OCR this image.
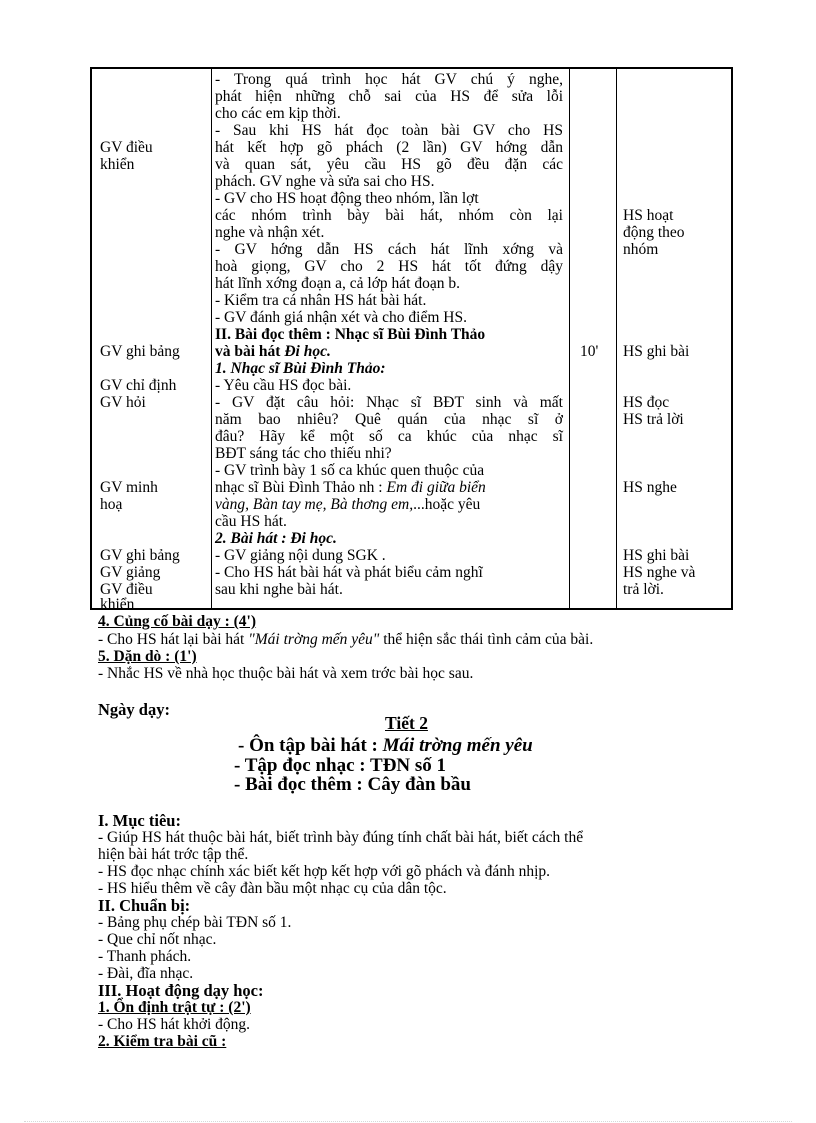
GV điều
khiển
GV ghi bảng
GV chỉ định
GV hỏi
GV minh
hoạ
GV ghi bảng
GV giảng
GV điều
khiển
- Trong quá trình học hát GV chú ý nghe,
phát hiện những chỗ sai của HS để sửa lỗi
cho các em kịp thời.
- Sau khi HS hát đọc toàn bài GV cho HS
hát kết hợp gõ phách (2 lần) GV hớng dẫn
và quan sát, yêu cầu HS gõ đều đặn các
phách. GV nghe và sửa sai cho HS.
- GV cho HS hoạt động theo nhóm, lần lợt
các nhóm trình bày bài hát, nhóm còn lại
nghe và nhận xét.
- GV hớng dẫn HS cách hát lĩnh xớng và
hoà giọng, GV cho 2 HS hát tốt đứng dậy
hát lĩnh xớng đoạn a, cả lớp hát đoạn b.
- Kiểm tra cá nhân HS hát bài hát.
- GV đánh giá nhận xét và cho điểm HS.
II. Bài đọc thêm : Nhạc sĩ Bùi Đình Thảo
và bài hát Đi học.
1. Nhạc sĩ Bùi Đình Thảo:
- Yêu cầu HS đọc bài.
- GV đặt câu hỏi: Nhạc sĩ BĐT sinh và mất
năm bao nhiêu? Quê quán của nhạc sĩ ở
đâu? Hãy kể một số ca khúc của nhạc sĩ
BĐT sáng tác cho thiếu nhi?
- GV trình bày 1 số ca khúc quen thuộc của
nhạc sĩ Bùi Đình Thảo nh : Em đi giữa biển
vàng, Bàn tay mẹ, Bà thơng em,...hoặc yêu
cầu HS hát.
2. Bài hát : Đi học.
- GV giảng nội dung SGK .
- Cho HS hát bài hát và phát biểu cảm nghĩ
sau khi nghe bài hát.
10'
HS hoạt
động theo
nhóm
HS ghi bài
HS đọc
HS trả lời
HS nghe
HS ghi bài
HS nghe và
trả lời.
4. Củng cố bài dạy : (4')
- Cho HS hát lại bài hát "Mái trờng mến yêu" thể hiện sắc thái tình cảm của bài.
5. Dặn dò : (1')
- Nhắc HS về nhà học thuộc bài hát và xem trớc bài học sau.
Ngày dạy:
Tiết 2
- Ôn tập bài hát : Mái trờng mến yêu
- Tập đọc nhạc : TĐN số 1
- Bài đọc thêm : Cây đàn bầu
I. Mục tiêu:
- Giúp HS hát thuộc bài hát, biết trình bày đúng tính chất bài hát, biết cách thể
hiện bài hát trớc tập thể.
- HS đọc nhạc chính xác biết kết hợp kết hợp với gõ phách và đánh nhịp.
- HS hiểu thêm về cây đàn bầu một nhạc cụ của dân tộc.
II. Chuẩn bị:
- Bảng phụ chép bài TĐN số 1.
- Que chỉ nốt nhạc.
- Thanh phách.
- Đài, đĩa nhạc.
III. Hoạt động dạy học:
1. Ổn định trật tự : (2')
- Cho HS hát khởi động.
2. Kiểm tra bài cũ :
